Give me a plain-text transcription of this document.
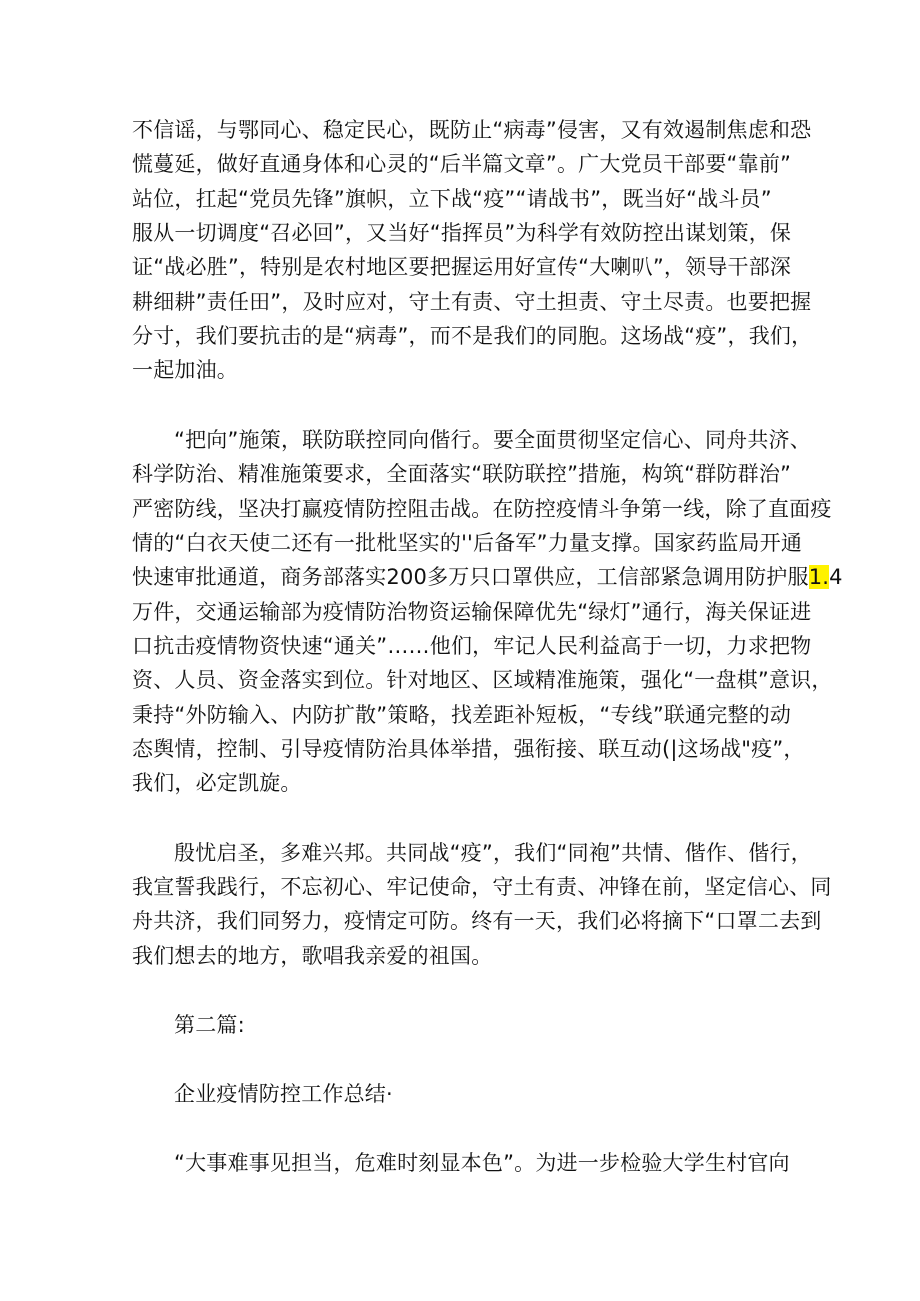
不信谣，与鄂同心、稳定民心，既防止“病毒”侵害，又有效遏制焦虑和恐
慌蔓延，做好直通身体和心灵的“后半篇文章”。广大党员干部要“靠前”
站位，扛起“党员先锋”旗帜，立下战“疫”“请战书”，既当好“战斗员”
服从一切调度“召必回”，又当好“指挥员”为科学有效防控出谋划策，保
证“战必胜”，特别是农村地区要把握运用好宣传“大喇叭”，领导干部深
耕细耕”责任田”，及时应对，守土有责、守土担责、守土尽责。也要把握
分寸，我们要抗击的是“病毒”，而不是我们的同胞。这场战“疫”，我们，
一起加油。
“把向”施策，联防联控同向偕行。要全面贯彻坚定信心、同舟共济、
科学防治、精准施策要求，全面落实“联防联控”措施，构筑“群防群治”
严密防线，坚决打赢疫情防控阻击战。在防控疫情斗争第一线，除了直面疫
情的“白衣天使二还有一批枇坚实的''后备军”力量支撑。国家药监局开通
快速审批通道，商务部落实200多万只口罩供应，工信部紧急调用防护服1.4
万件，交通运输部为疫情防治物资运输保障优先“绿灯”通行，海关保证进
口抗击疫情物资快速“通关”……他们，牢记人民利益高于一切，力求把物
资、人员、资金落实到位。针对地区、区域精准施策，强化“一盘棋”意识，
秉持“外防输入、内防扩散”策略，找差距补短板，“专线”联通完整的动
态舆情，控制、引导疫情防治具体举措，强衔接、联互动(|这场战"疫”，
我们，必定凯旋。
殷忧启圣，多难兴邦。共同战“疫”，我们“同袍”共情、偕作、偕行，
我宣誓我践行，不忘初心、牢记使命，守土有责、冲锋在前，坚定信心、同
舟共济，我们同努力，疫情定可防。终有一天，我们必将摘下“口罩二去到
我们想去的地方，歌唱我亲爱的祖国。
第二篇:
企业疫情防控工作总结·
“大事难事见担当，危难时刻显本色”。为进一步检验大学生村官向
